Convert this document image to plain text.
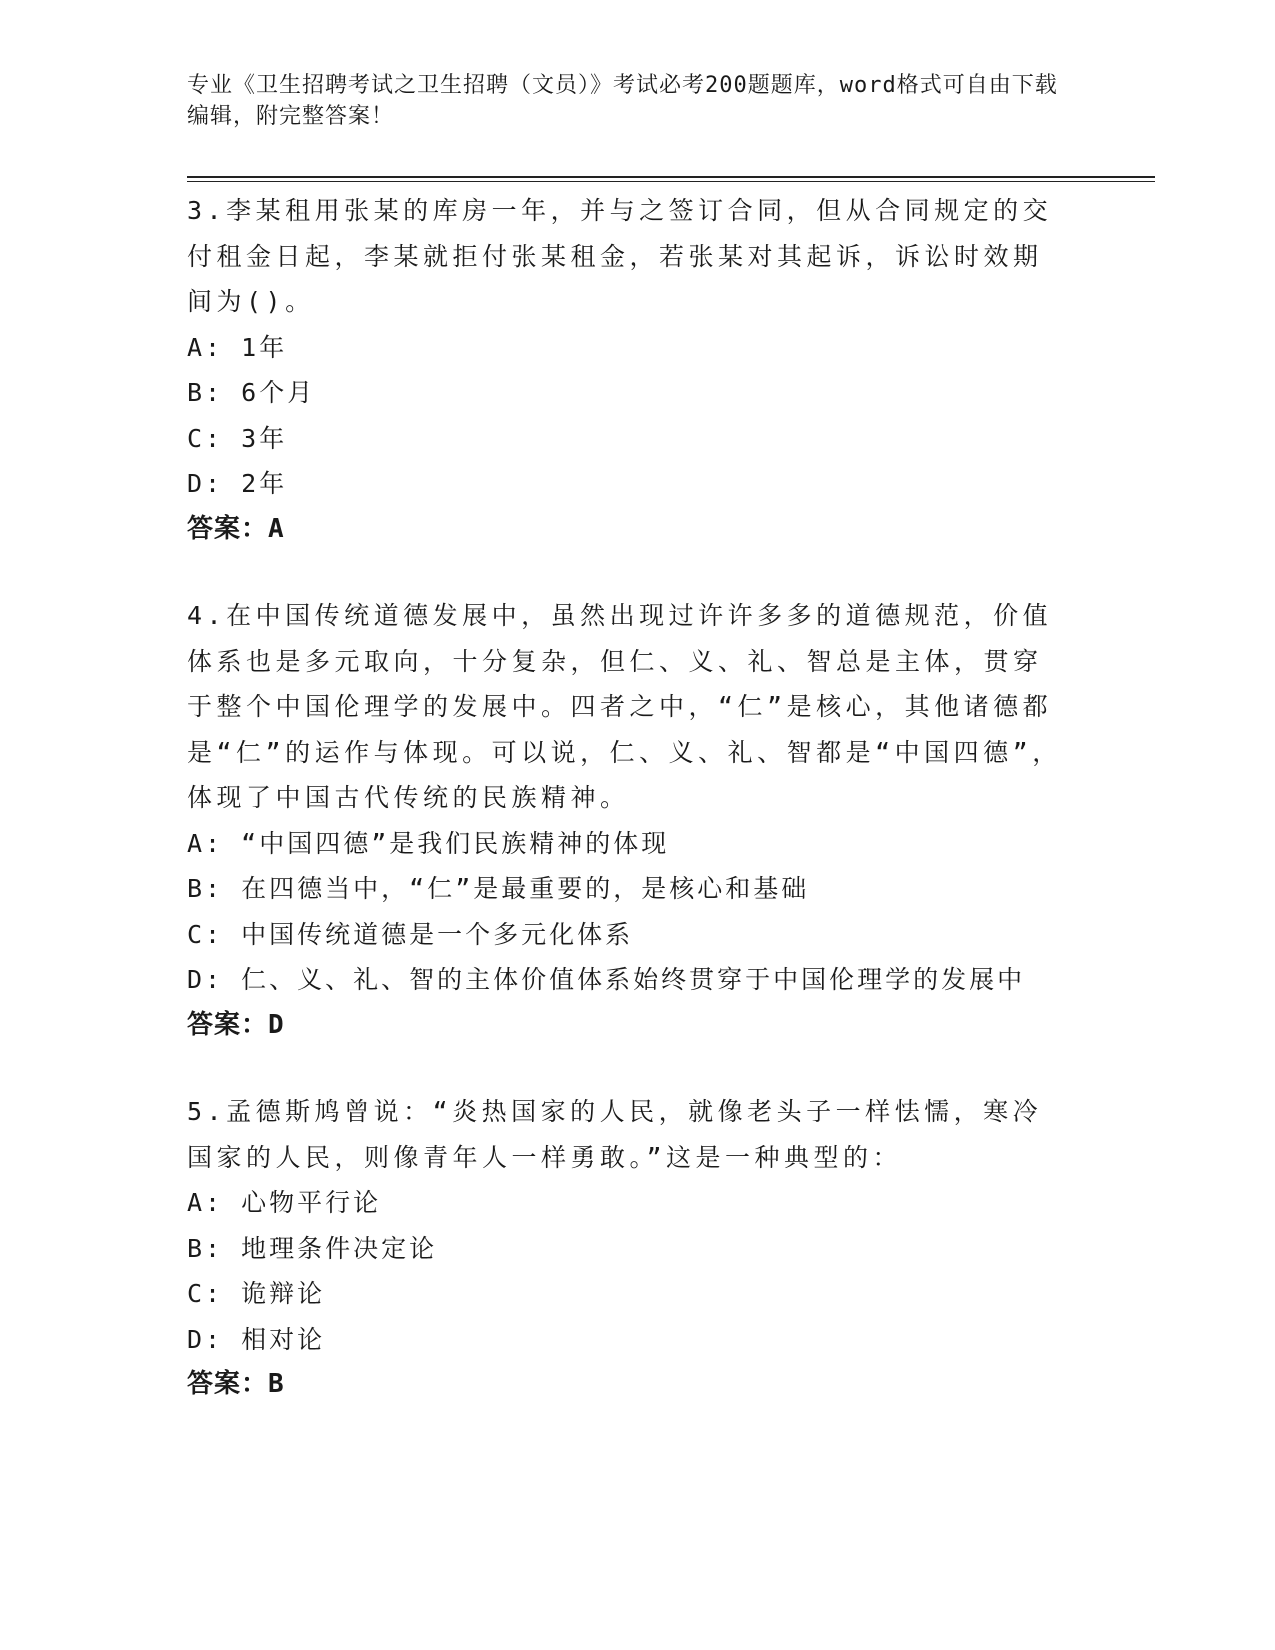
专业《卫生招聘考试之卫生招聘（文员）》考试必考200题题库，word格式可自由下载编辑，附完整答案！
3.李某租用张某的库房一年，并与之签订合同，但从合同规定的交付租金日起，李某就拒付张某租金，若张某对其起诉，诉讼时效期间为()。
A: 1年
B: 6个月
C: 3年
D: 2年
答案：A
4.在中国传统道德发展中，虽然出现过许许多多的道德规范，价值体系也是多元取向，十分复杂，但仁、义、礼、智总是主体，贯穿于整个中国伦理学的发展中。四者之中，“仁”是核心，其他诸德都是“仁”的运作与体现。可以说，仁、义、礼、智都是“中国四德”，体现了中国古代传统的民族精神。
A: “中国四德”是我们民族精神的体现
B: 在四德当中，“仁”是最重要的，是核心和基础
C: 中国传统道德是一个多元化体系
D: 仁、义、礼、智的主体价值体系始终贯穿于中国伦理学的发展中
答案：D
5.孟德斯鸠曾说：“炎热国家的人民，就像老头子一样怯懦，寒冷国家的人民，则像青年人一样勇敢。”这是一种典型的：
A: 心物平行论
B: 地理条件决定论
C: 诡辩论
D: 相对论
答案：B
